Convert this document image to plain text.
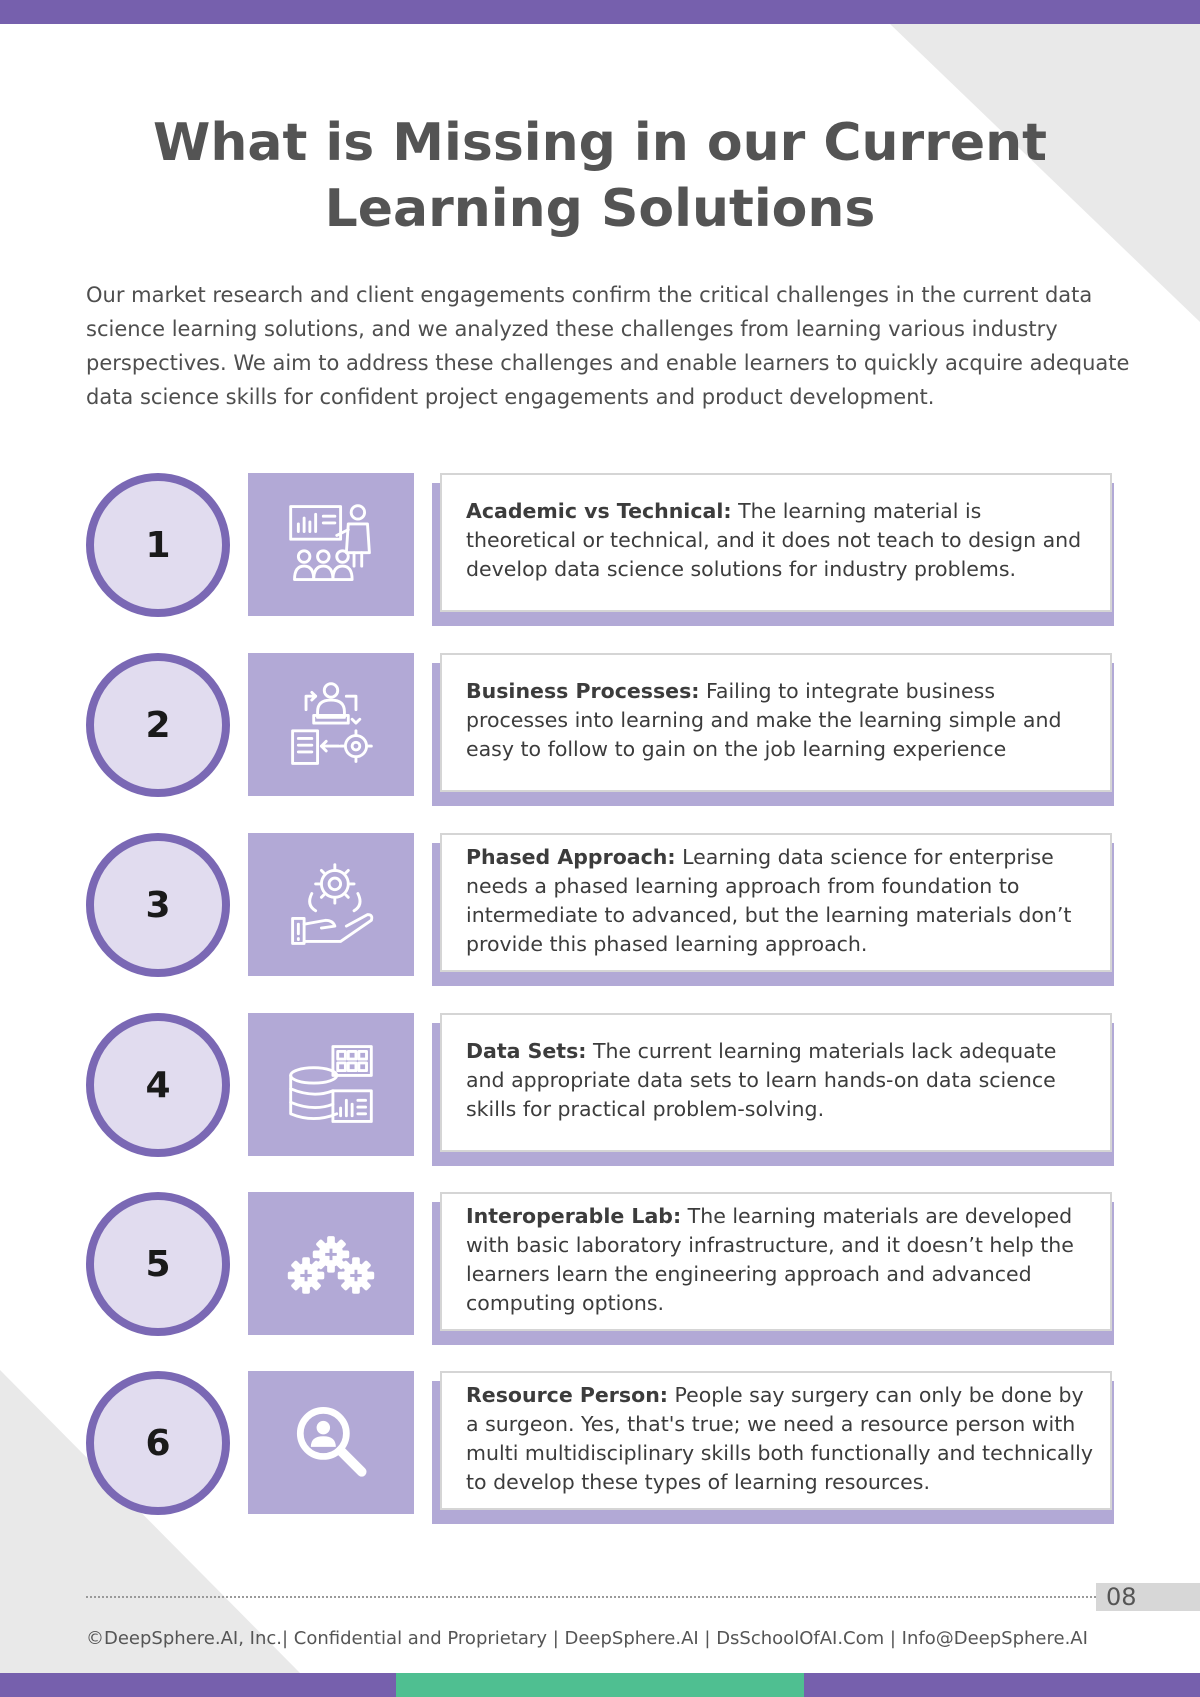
What is Missing in our Current Learning Solutions

Our market research and client engagements confirm the critical challenges in the current data science learning solutions, and we analyzed these challenges from learning various industry perspectives. We aim to address these challenges and enable learners to quickly acquire adequate data science skills for confident project engagements and product development.

1
Academic vs Technical: The learning material is theoretical or technical, and it does not teach to design and develop data science solutions for industry problems.
2
Business Processes: Failing to integrate business processes into learning and make the learning simple and easy to follow to gain on the job learning experience
3
Phased Approach: Learning data science for enterprise needs a phased learning approach from foundation to intermediate to advanced, but the learning materials don’t provide this phased learning approach.
4
Data Sets: The current learning materials lack adequate and appropriate data sets to learn hands-on data science skills for practical problem-solving.
5
Interoperable Lab: The learning materials are developed with basic laboratory infrastructure, and it doesn’t help the learners learn the engineering approach and advanced computing options.
6
Resource Person: People say surgery can only be done by a surgeon. Yes, that's true; we need a resource person with multi multidisciplinary skills both functionally and technically to develop these types of learning resources.
08

©DeepSphere.AI, Inc.| Confidential and Proprietary | DeepSphere.AI | DsSchoolOfAI.Com | Info@DeepSphere.AI
